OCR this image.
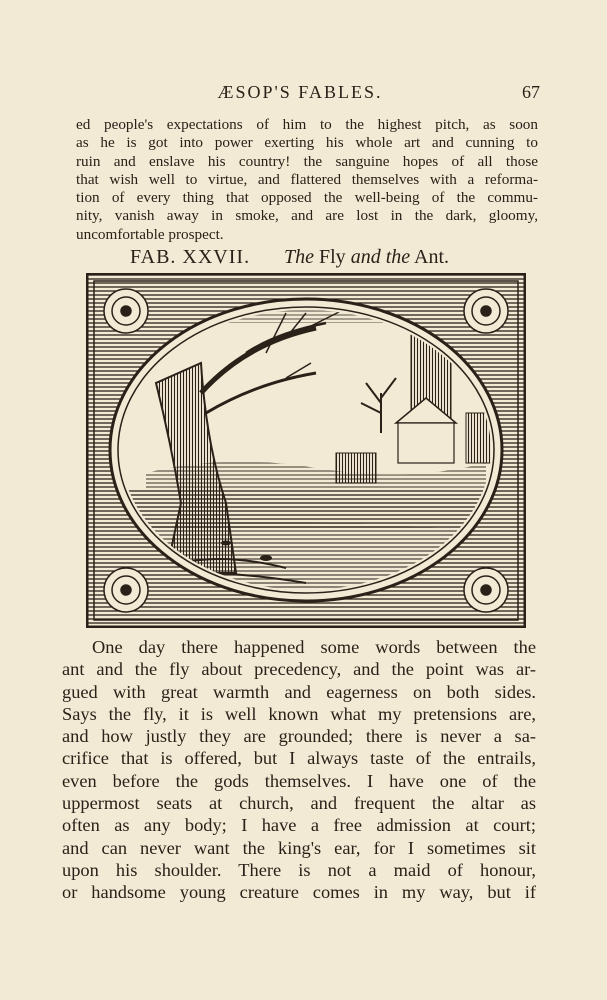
ÆSOP'S FABLES.	67
ed people's expectations of him to the highest pitch, as soon
as he is got into power exerting his whole art and cunning to
ruin and enslave his country! the sanguine hopes of all those
that wish well to virtue, and flattered themselves with a reforma-
tion of every thing that opposed the well-being of the commu-
nity, vanish away in smoke, and are lost in the dark, gloomy,
uncomfortable prospect.
FAB. XXVII. The Fly and the Ant.
One day there happened some words between the
ant and the fly about precedency, and the point was ar-
gued with great warmth and eagerness on both sides.
Says the fly, it is well known what my pretensions are,
and how justly they are grounded; there is never a sa-
crifice that is offered, but I always taste of the entrails,
even before the gods themselves. I have one of the
uppermost seats at church, and frequent the altar as
often as any body; I have a free admission at court;
and can never want the king's ear, for I sometimes sit
upon his shoulder. There is not a maid of honour,
or handsome young creature comes in my way, but if
